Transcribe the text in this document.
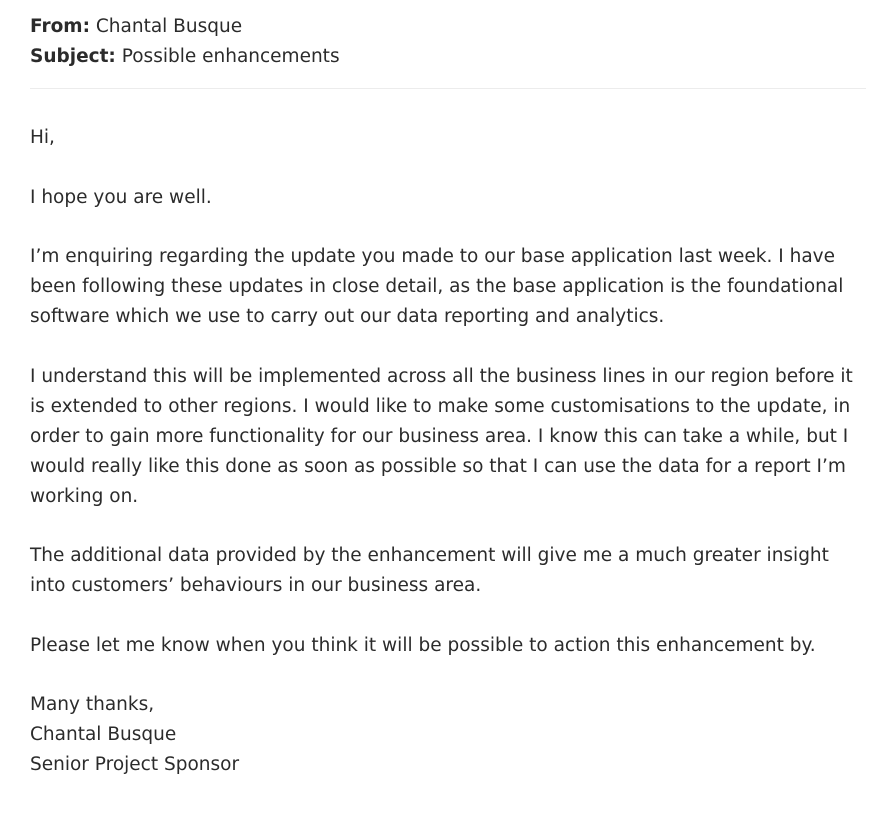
From: Chantal Busque
Subject: Possible enhancements

Hi,

I hope you are well.

I’m enquiring regarding the update you made to our base application last week. I have been following these updates in close detail, as the base application is the foundational software which we use to carry out our data reporting and analytics.

I understand this will be implemented across all the business lines in our region before it is extended to other regions. I would like to make some customisations to the update, in order to gain more functionality for our business area. I know this can take a while, but I would really like this done as soon as possible so that I can use the data for a report I’m working on.

The additional data provided by the enhancement will give me a much greater insight into customers’ behaviours in our business area.

Please let me know when you think it will be possible to action this enhancement by.

Many thanks,
Chantal Busque
Senior Project Sponsor
